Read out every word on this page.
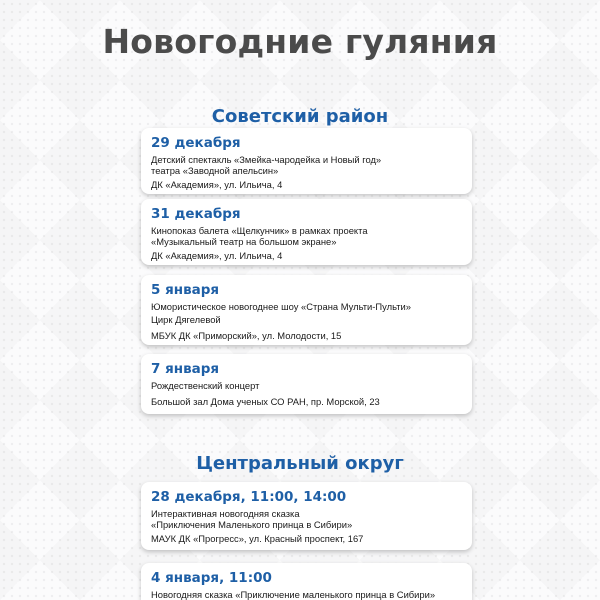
Новогодние гуляния
Советский район
29 декабря
Детский спектакль «Змейка-чародейка и Новый год»
театра «Заводной апельсин»
ДК «Академия», ул. Ильича, 4
31 декабря
Кинопоказ балета «Щелкунчик» в рамках проекта
«Музыкальный театр на большом экране»
ДК «Академия», ул. Ильича, 4
5 января
Юмористическое новогоднее шоу «Страна Мульти-Пульти»
Цирк Дягелевой
МБУК ДК «Приморский», ул. Молодости, 15
7 января
Рождественский концерт
Большой зал Дома ученых СО РАН, пр. Морской, 23
Центральный округ
28 декабря, 11:00, 14:00
Интерактивная новогодняя сказка
«Приключения Маленького принца в Сибири»
МАУК ДК «Прогресс», ул. Красный проспект, 167
4 января, 11:00
Новогодняя сказка «Приключение маленького принца в Сибири»
